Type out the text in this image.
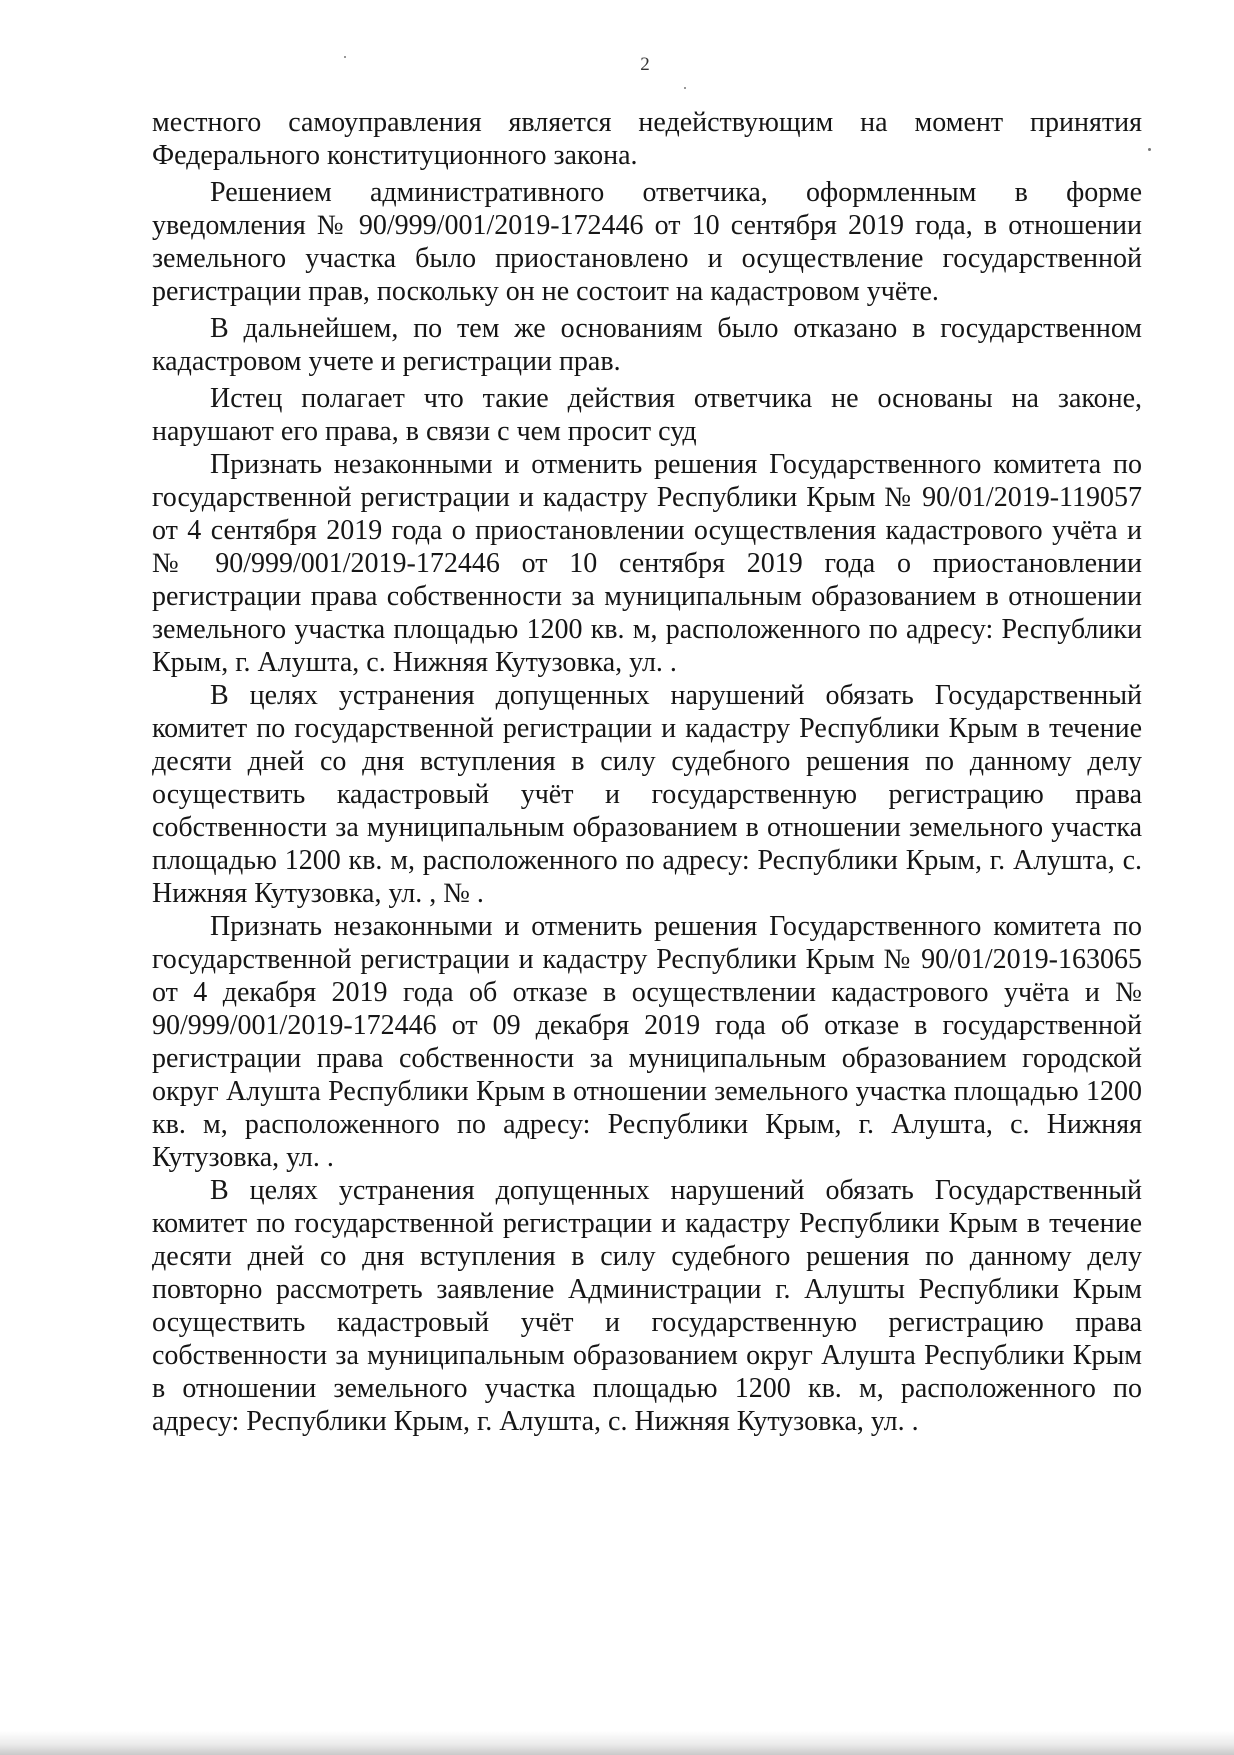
2

местного самоуправления является недействующим на момент принятия Федерального конституционного закона.

Решением административного ответчика, оформленным в форме уведомления № 90/999/001/2019-172446 от 10 сентября 2019 года, в отношении земельного участка было приостановлено и осуществление государственной регистрации прав, поскольку он не состоит на кадастровом учёте.

В дальнейшем, по тем же основаниям было отказано в государственном кадастровом учете и регистрации прав.

Истец полагает что такие действия ответчика не основаны на законе, нарушают его права, в связи с чем просит суд

Признать незаконными и отменить решения Государственного комитета по государственной регистрации и кадастру Республики Крым № 90/01/2019-119057 от 4 сентября 2019 года о приостановлении осуществления кадастрового учёта и № 90/999/001/2019-172446 от 10 сентября 2019 года о приостановлении регистрации права собственности за муниципальным образованием в отношении земельного участка площадью 1200 кв. м, расположенного по адресу: Республики Крым, г. Алушта, с. Нижняя Кутузовка, ул. .

В целях устранения допущенных нарушений обязать Государственный комитет по государственной регистрации и кадастру Республики Крым в течение десяти дней со дня вступления в силу судебного решения по данному делу осуществить кадастровый учёт и государственную регистрацию права собственности за муниципальным образованием в отношении земельного участка площадью 1200 кв. м, расположенного по адресу: Республики Крым, г. Алушта, с. Нижняя Кутузовка, ул. , № .

Признать незаконными и отменить решения Государственного комитета по государственной регистрации и кадастру Республики Крым № 90/01/2019-163065 от 4 декабря 2019 года об отказе в осуществлении кадастрового учёта и № 90/999/001/2019-172446 от 09 декабря 2019 года об отказе в государственной регистрации права собственности за муниципальным образованием городской округ Алушта Республики Крым в отношении земельного участка площадью 1200 кв. м, расположенного по адресу: Республики Крым, г. Алушта, с. Нижняя Кутузовка, ул. .

В целях устранения допущенных нарушений обязать Государственный комитет по государственной регистрации и кадастру Республики Крым в течение десяти дней со дня вступления в силу судебного решения по данному делу повторно рассмотреть заявление Администрации г. Алушты Республики Крым осуществить кадастровый учёт и государственную регистрацию права собственности за муниципальным образованием округ Алушта Республики Крым в отношении земельного участка площадью 1200 кв. м, расположенного по адресу: Республики Крым, г. Алушта, с. Нижняя Кутузовка, ул. .
